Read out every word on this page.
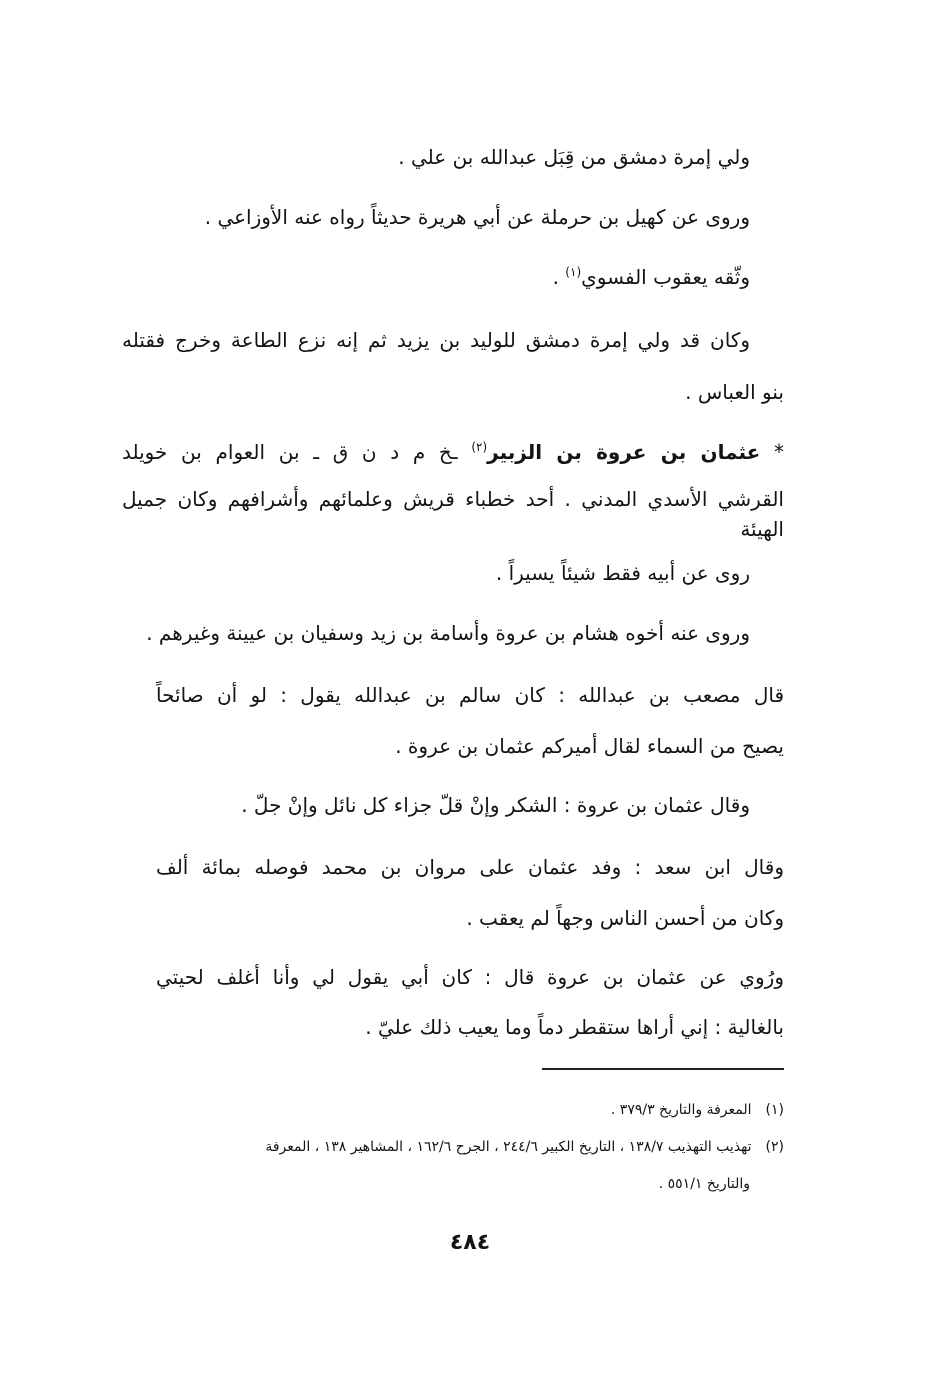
ولي إمرة دمشق من قِبَل عبدالله بن علي .

وروى عن كهيل بن حرملة عن أبي هريرة حديثاً رواه عنه الأوزاعي .

وثّقه يعقوب الفسوي$^{(١)}$ .

وكان قد ولي إمرة دمشق للوليد بن يزيد ثم إنه نزع الطاعة وخرج فقتله

بنو العباس .

* عثمان بن عروة بن الزبير$^{(٢)}$ ـخ م د ن ق ـ بن العوام بن خويلد

القرشي الأسدي المدني . أحد خطباء قريش وعلمائهم وأشرافهم وكان جميل الهيئة

روى عن أبيه فقط شيئاً يسيراً .

وروى عنه أخوه هشام بن عروة وأسامة بن زيد وسفيان بن عيينة وغيرهم .

قال مصعب بن عبدالله : كان سالم بن عبدالله يقول : لو أن صائحاً

يصيح من السماء لقال أميركم عثمان بن عروة .

وقال عثمان بن عروة : الشكر وإنْ قلّ جزاء كل نائل وإنْ جلّ .

وقال ابن سعد : وفد عثمان على مروان بن محمد فوصله بمائة ألف

وكان من أحسن الناس وجهاً لم يعقب .

ورُوي عن عثمان بن عروة قال : كان أبي يقول لي وأنا أغلف لحيتي

بالغالية : إني أراها ستقطر دماً وما يعيب ذلك عليّ .

(١)المعرفة والتاريخ ٣٧٩/٣ .
(٢)تهذيب التهذيب ١٣٨/٧ ، التاريخ الكبير ٢٤٤/٦ ، الجرح ١٦٢/٦ ، المشاهير ١٣٨ ، المعرفة
والتاريخ ٥٥١/١ .
٤٨٤
